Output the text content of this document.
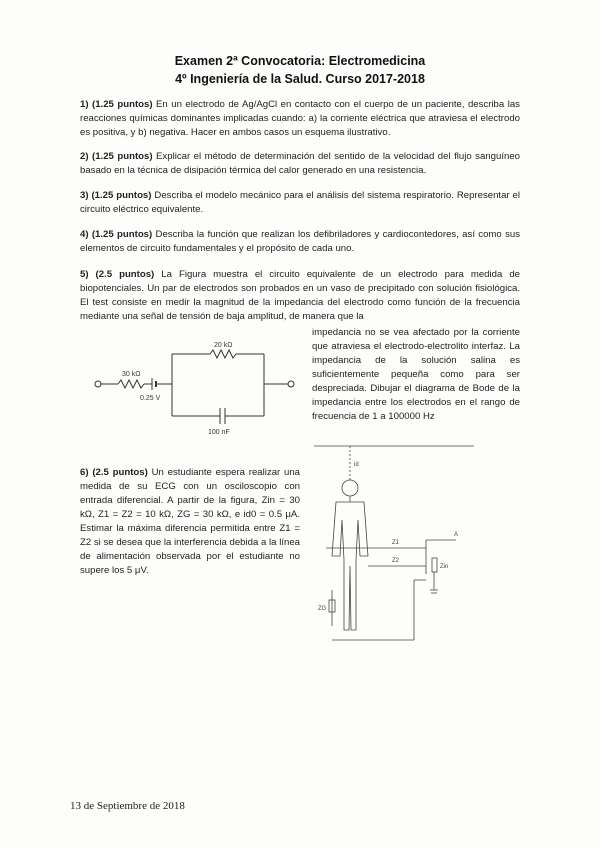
Examen 2ª Convocatoria: Electromedicina
4º Ingeniería de la Salud. Curso 2017-2018
1) (1.25 puntos) En un electrodo de Ag/AgCl en contacto con el cuerpo de un paciente, describa las reacciones químicas dominantes implicadas cuando: a) la corriente eléctrica que atraviesa el electrodo es positiva, y b) negativa. Hacer en ambos casos un esquema ilustrativo.
2) (1.25 puntos) Explicar el método de determinación del sentido de la velocidad del flujo sanguíneo basado en la técnica de disipación térmica del calor generado en una resistencia.
3) (1.25 puntos) Describa el modelo mecánico para el análisis del sistema respiratorio. Representar el circuito eléctrico equivalente.
4) (1.25 puntos) Describa la función que realizan los defibriladores y cardiocontedores, así como sus elementos de circuito fundamentales y el propósito de cada uno.
5) (2.5 puntos) La Figura muestra el circuito equivalente de un electrodo para medida de biopotenciales. Un par de electrodos son probados en un vaso de precipitado con solución fisiológica. El test consiste en medir la magnitud de la impedancia del electrodo como función de la frecuencia mediante una señal de tensión de baja amplitud, de manera que la
impedancia no se vea afectado por la corriente que atraviesa el electrodo-electrolito interfaz. La impedancia de la solución salina es suficientemente pequeña como para ser despreciada. Dibujar el diagrama de Bode de la impedancia entre los electrodos en el rango de frecuencia de 1 a 100000 Hz
30 kΩ
20 kΩ
0.25 V
100 nF
6) (2.5 puntos) Un estudiante espera realizar una medida de su ECG con un osciloscopio con entrada diferencial. A partir de la figura, Zin = 30 kΩ, Z1 = Z2 = 10 kΩ, ZG = 30 kΩ, e id0 = 0.5 μA. Estimar la máxima diferencia permitida entre Z1 = Z2 si se desea que la interferencia debida a la línea de alimentación observada por el estudiante no supere los 5 μV.
A
Z1
Z2
Zin
ZG
id
13 de Septiembre de 2018
